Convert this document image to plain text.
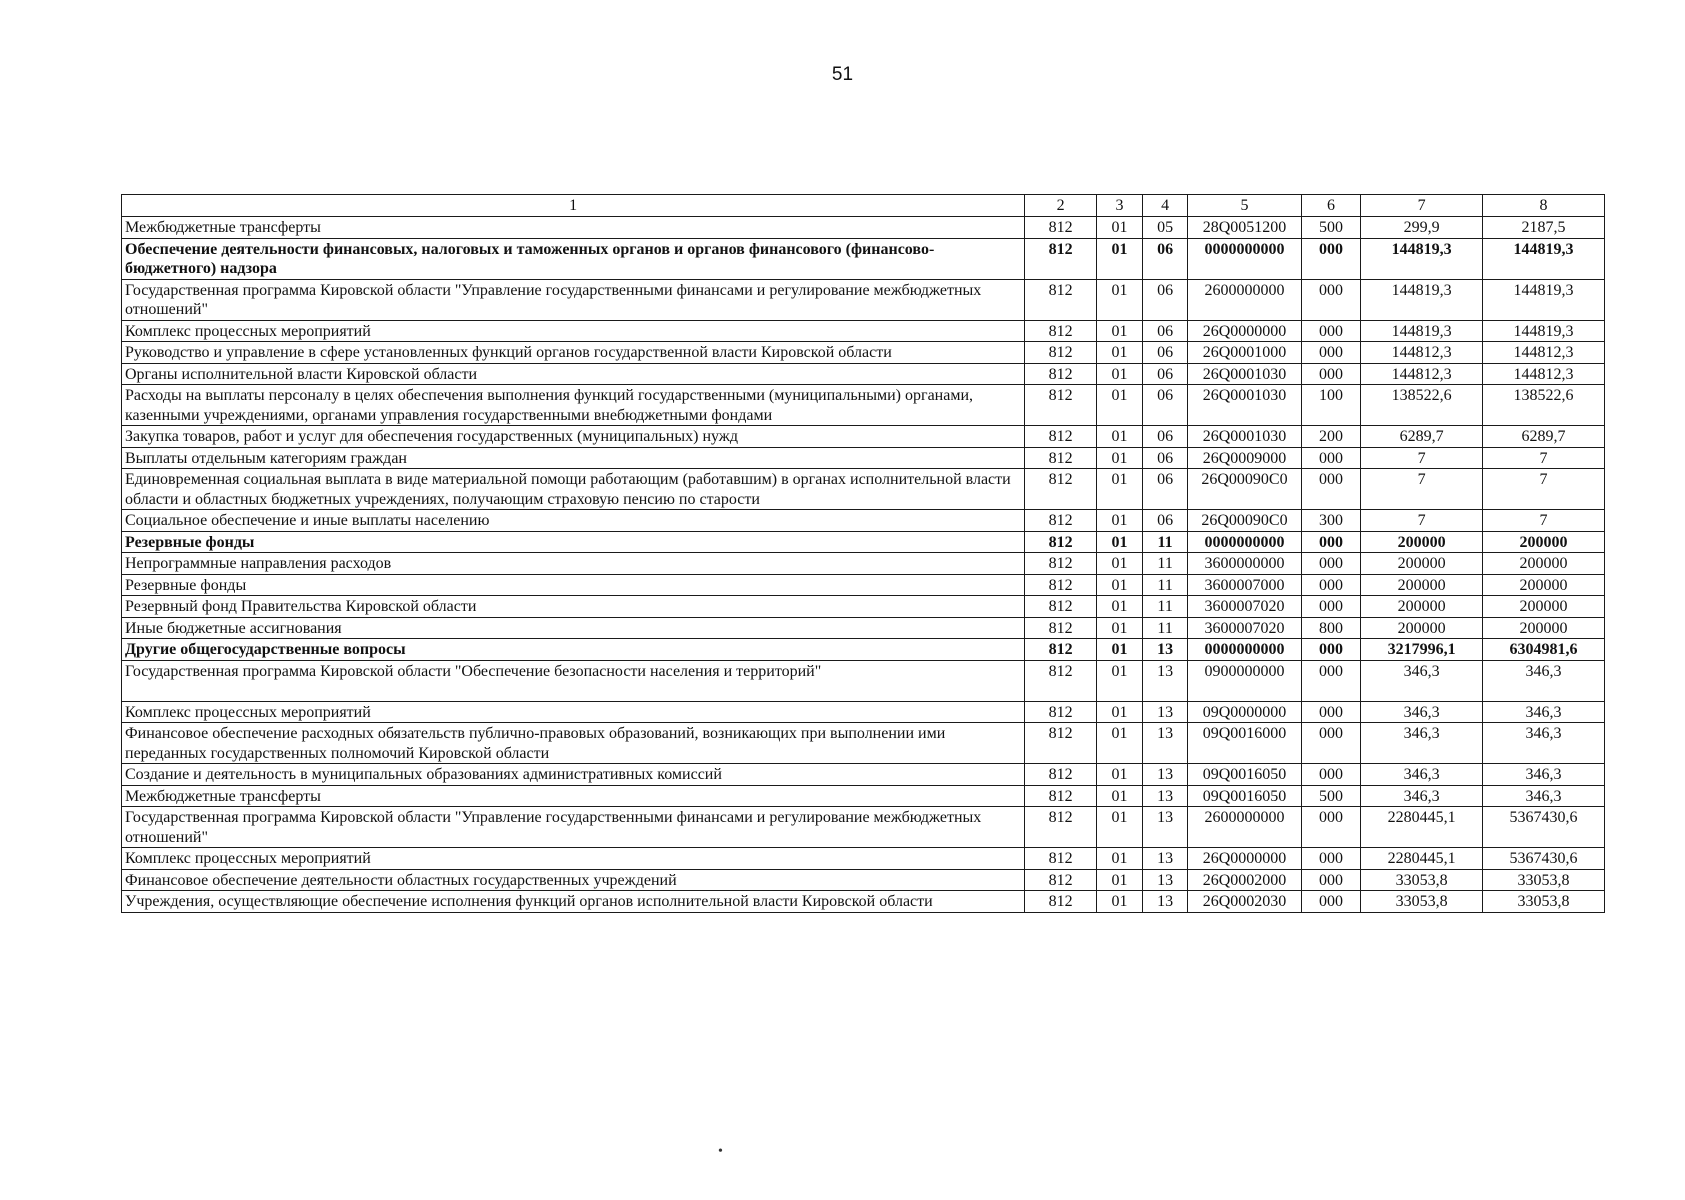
51
1	2	3	4	5	6	7	8
Межбюджетные трансферты	812	01	05	28Q0051200	500	299,9	2187,5
Обеспечение деятельности финансовых, налоговых и таможенных органов и органов финансового (финансово-бюджетного) надзора	812	01	06	0000000000	000	144819,3	144819,3
Государственная программа Кировской области "Управление государственными финансами и регулирование межбюджетных отношений"	812	01	06	2600000000	000	144819,3	144819,3
Комплекс процессных мероприятий	812	01	06	26Q0000000	000	144819,3	144819,3
Руководство и управление в сфере установленных функций органов государственной власти Кировской области	812	01	06	26Q0001000	000	144812,3	144812,3
Органы исполнительной власти Кировской области	812	01	06	26Q0001030	000	144812,3	144812,3
Расходы на выплаты персоналу в целях обеспечения выполнения функций государственными (муниципальными) органами, казенными учреждениями, органами управления государственными внебюджетными фондами	812	01	06	26Q0001030	100	138522,6	138522,6
Закупка товаров, работ и услуг для обеспечения государственных (муниципальных) нужд	812	01	06	26Q0001030	200	6289,7	6289,7
Выплаты отдельным категориям граждан	812	01	06	26Q0009000	000	7	7
Единовременная социальная выплата в виде материальной помощи работающим (работавшим) в органах исполнительной власти области и областных бюджетных учреждениях, получающим страховую пенсию по старости	812	01	06	26Q00090C0	000	7	7
Социальное обеспечение и иные выплаты населению	812	01	06	26Q00090C0	300	7	7
Резервные фонды	812	01	11	0000000000	000	200000	200000
Непрограммные направления расходов	812	01	11	3600000000	000	200000	200000
Резервные фонды	812	01	11	3600007000	000	200000	200000
Резервный фонд Правительства Кировской области	812	01	11	3600007020	000	200000	200000
Иные бюджетные ассигнования	812	01	11	3600007020	800	200000	200000
Другие общегосударственные вопросы	812	01	13	0000000000	000	3217996,1	6304981,6
Государственная программа Кировской области "Обеспечение безопасности населения и территорий"	812	01	13	0900000000	000	346,3	346,3
Комплекс процессных мероприятий	812	01	13	09Q0000000	000	346,3	346,3
Финансовое обеспечение расходных обязательств публично-правовых образований, возникающих при выполнении ими переданных государственных полномочий Кировской области	812	01	13	09Q0016000	000	346,3	346,3
Создание и деятельность в муниципальных образованиях административных комиссий	812	01	13	09Q0016050	000	346,3	346,3
Межбюджетные трансферты	812	01	13	09Q0016050	500	346,3	346,3
Государственная программа Кировской области "Управление государственными финансами и регулирование межбюджетных отношений"	812	01	13	2600000000	000	2280445,1	5367430,6
Комплекс процессных мероприятий	812	01	13	26Q0000000	000	2280445,1	5367430,6
Финансовое обеспечение деятельности областных государственных учреждений	812	01	13	26Q0002000	000	33053,8	33053,8
Учреждения, осуществляющие обеспечение исполнения функций органов исполнительной власти Кировской области	812	01	13	26Q0002030	000	33053,8	33053,8
•
